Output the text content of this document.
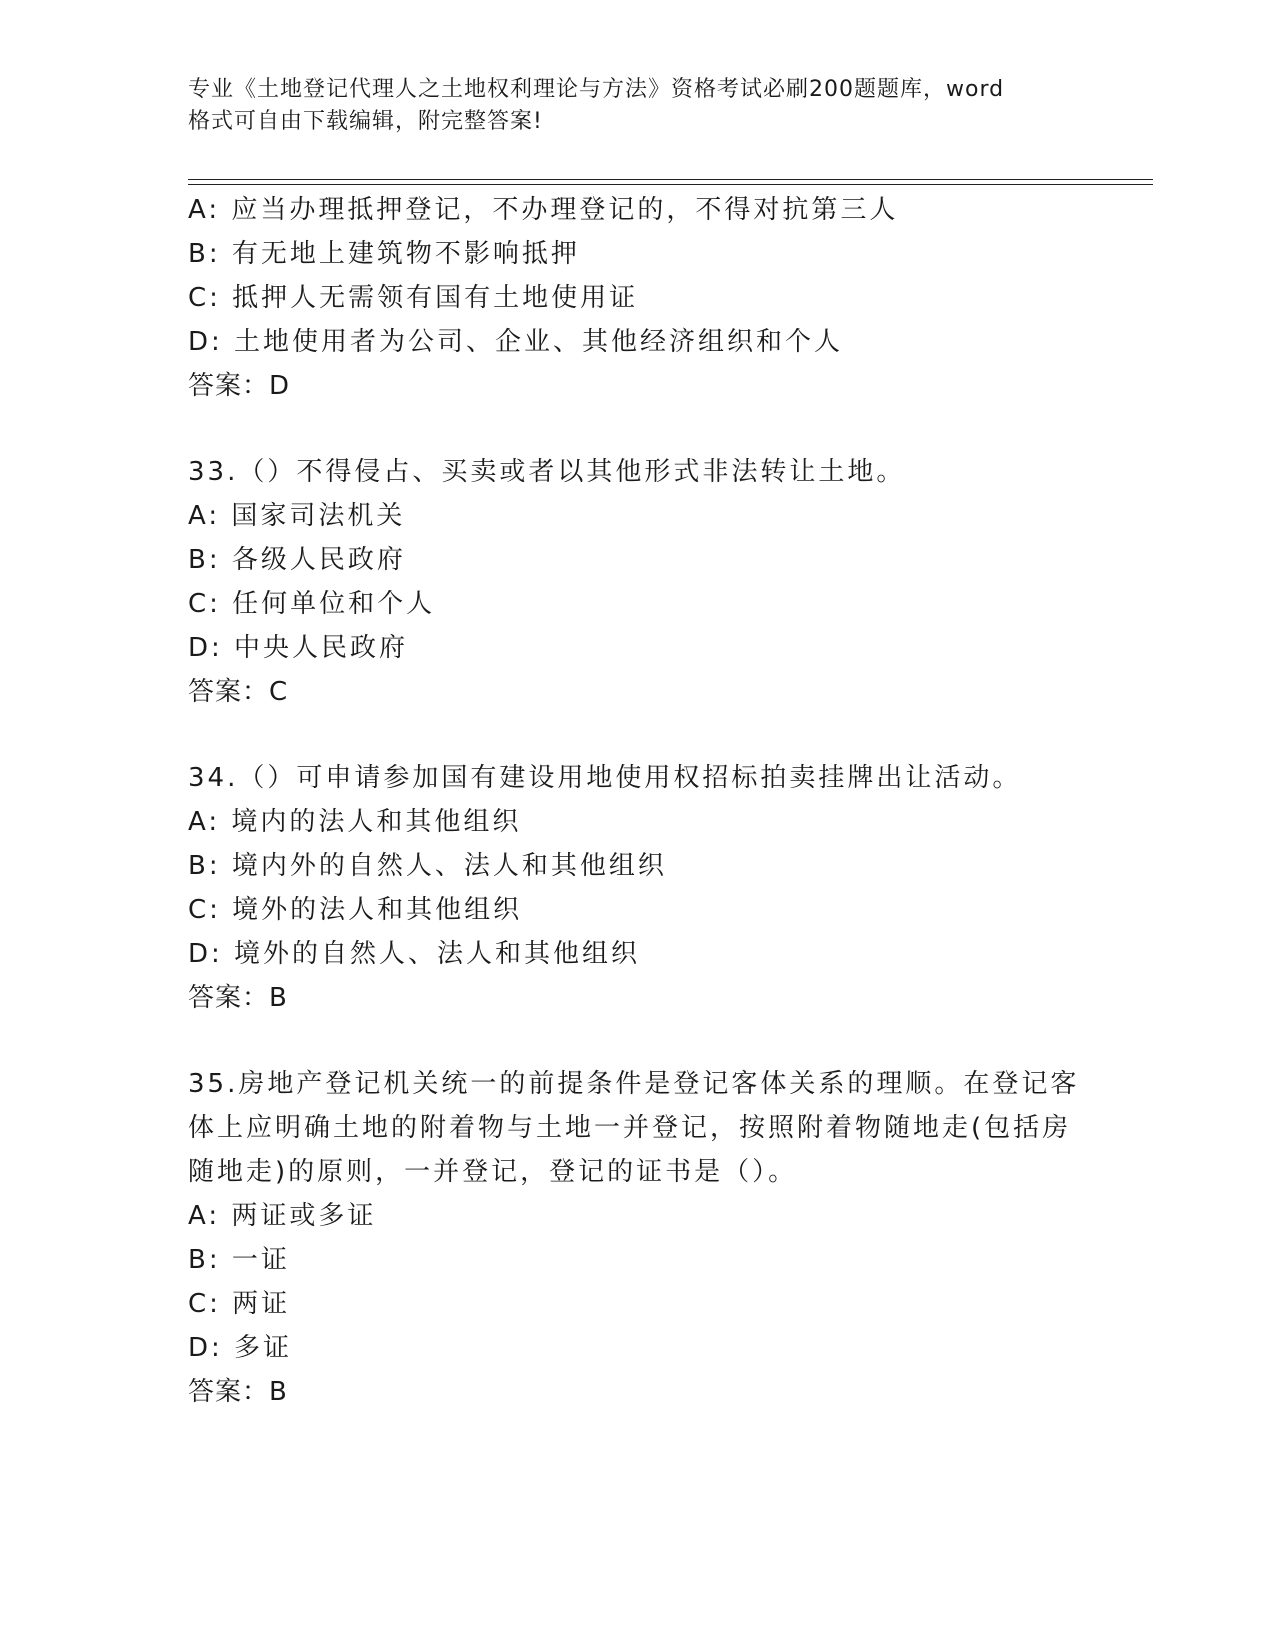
专业《土地登记代理人之土地权利理论与方法》资格考试必刷200题题库，word
格式可自由下载编辑，附完整答案!
A: 应当办理抵押登记，不办理登记的，不得对抗第三人
B: 有无地上建筑物不影响抵押
C: 抵押人无需领有国有土地使用证
D: 土地使用者为公司、企业、其他经济组织和个人
答案：D
33.（）不得侵占、买卖或者以其他形式非法转让土地。
A: 国家司法机关
B: 各级人民政府
C: 任何单位和个人
D: 中央人民政府
答案：C
34.（）可申请参加国有建设用地使用权招标拍卖挂牌出让活动。
A: 境内的法人和其他组织
B: 境内外的自然人、法人和其他组织
C: 境外的法人和其他组织
D: 境外的自然人、法人和其他组织
答案：B
35.房地产登记机关统一的前提条件是登记客体关系的理顺。在登记客
体上应明确土地的附着物与土地一并登记，按照附着物随地走(包括房
随地走)的原则，一并登记，登记的证书是（）。
A: 两证或多证
B: 一证
C: 两证
D: 多证
答案：B
